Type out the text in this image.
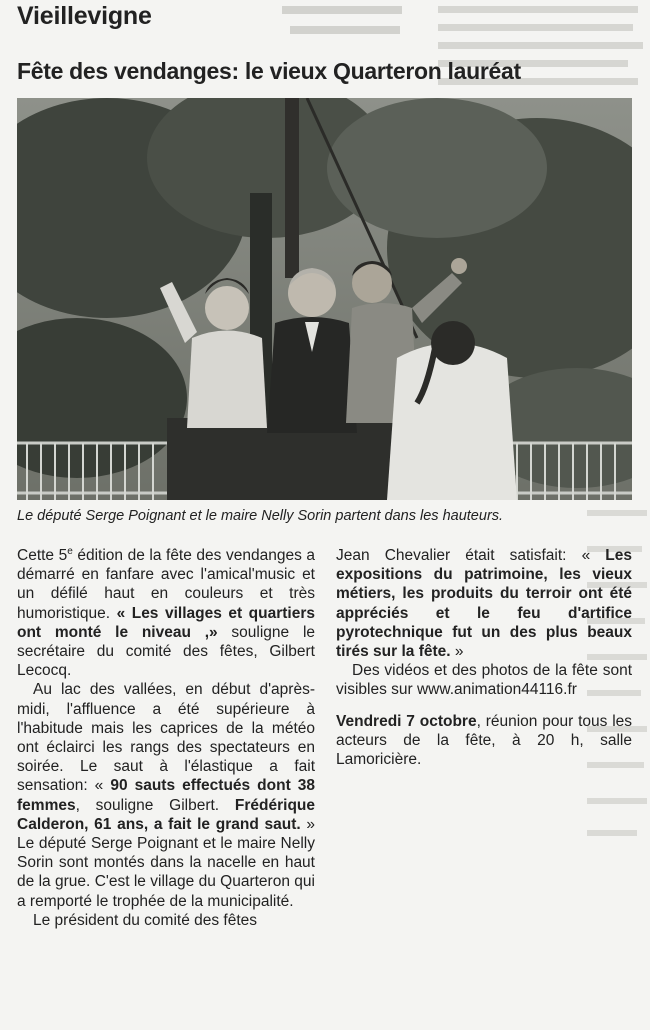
Vieillevigne
Fête des vendanges: le vieux Quarteron lauréat
Le député Serge Poignant et le maire Nelly Sorin partent dans les hauteurs.

Cette 5e édition de la fête des vendanges a démarré en fanfare avec l'amical'music et un défilé haut en couleurs et très humoristique. « Les villages et quartiers ont monté le niveau ,» souligne le secrétaire du comité des fêtes, Gilbert Lecocq.

Au lac des vallées, en début d'après-midi, l'affluence a été supérieure à l'habitude mais les caprices de la météo ont éclairci les rangs des spectateurs en soirée. Le saut à l'élastique a fait sensation: « 90 sauts effectués dont 38 femmes, souligne Gilbert. Frédérique Calderon, 61 ans, a fait le grand saut. » Le député Serge Poignant et le maire Nelly Sorin sont montés dans la nacelle en haut de la grue. C'est le village du Quarteron qui a remporté le trophée de la municipalité.

Le président du comité des fêtes

Jean Chevalier était satisfait: « Les expositions du patrimoine, les vieux métiers, les produits du terroir ont été appréciés et le feu d'artifice pyrotechnique fut un des plus beaux tirés sur la fête. »

Des vidéos et des photos de la fête sont visibles sur www.animation44116.fr

Vendredi 7 octobre, réunion pour tous les acteurs de la fête, à 20 h, salle Lamoricière.
